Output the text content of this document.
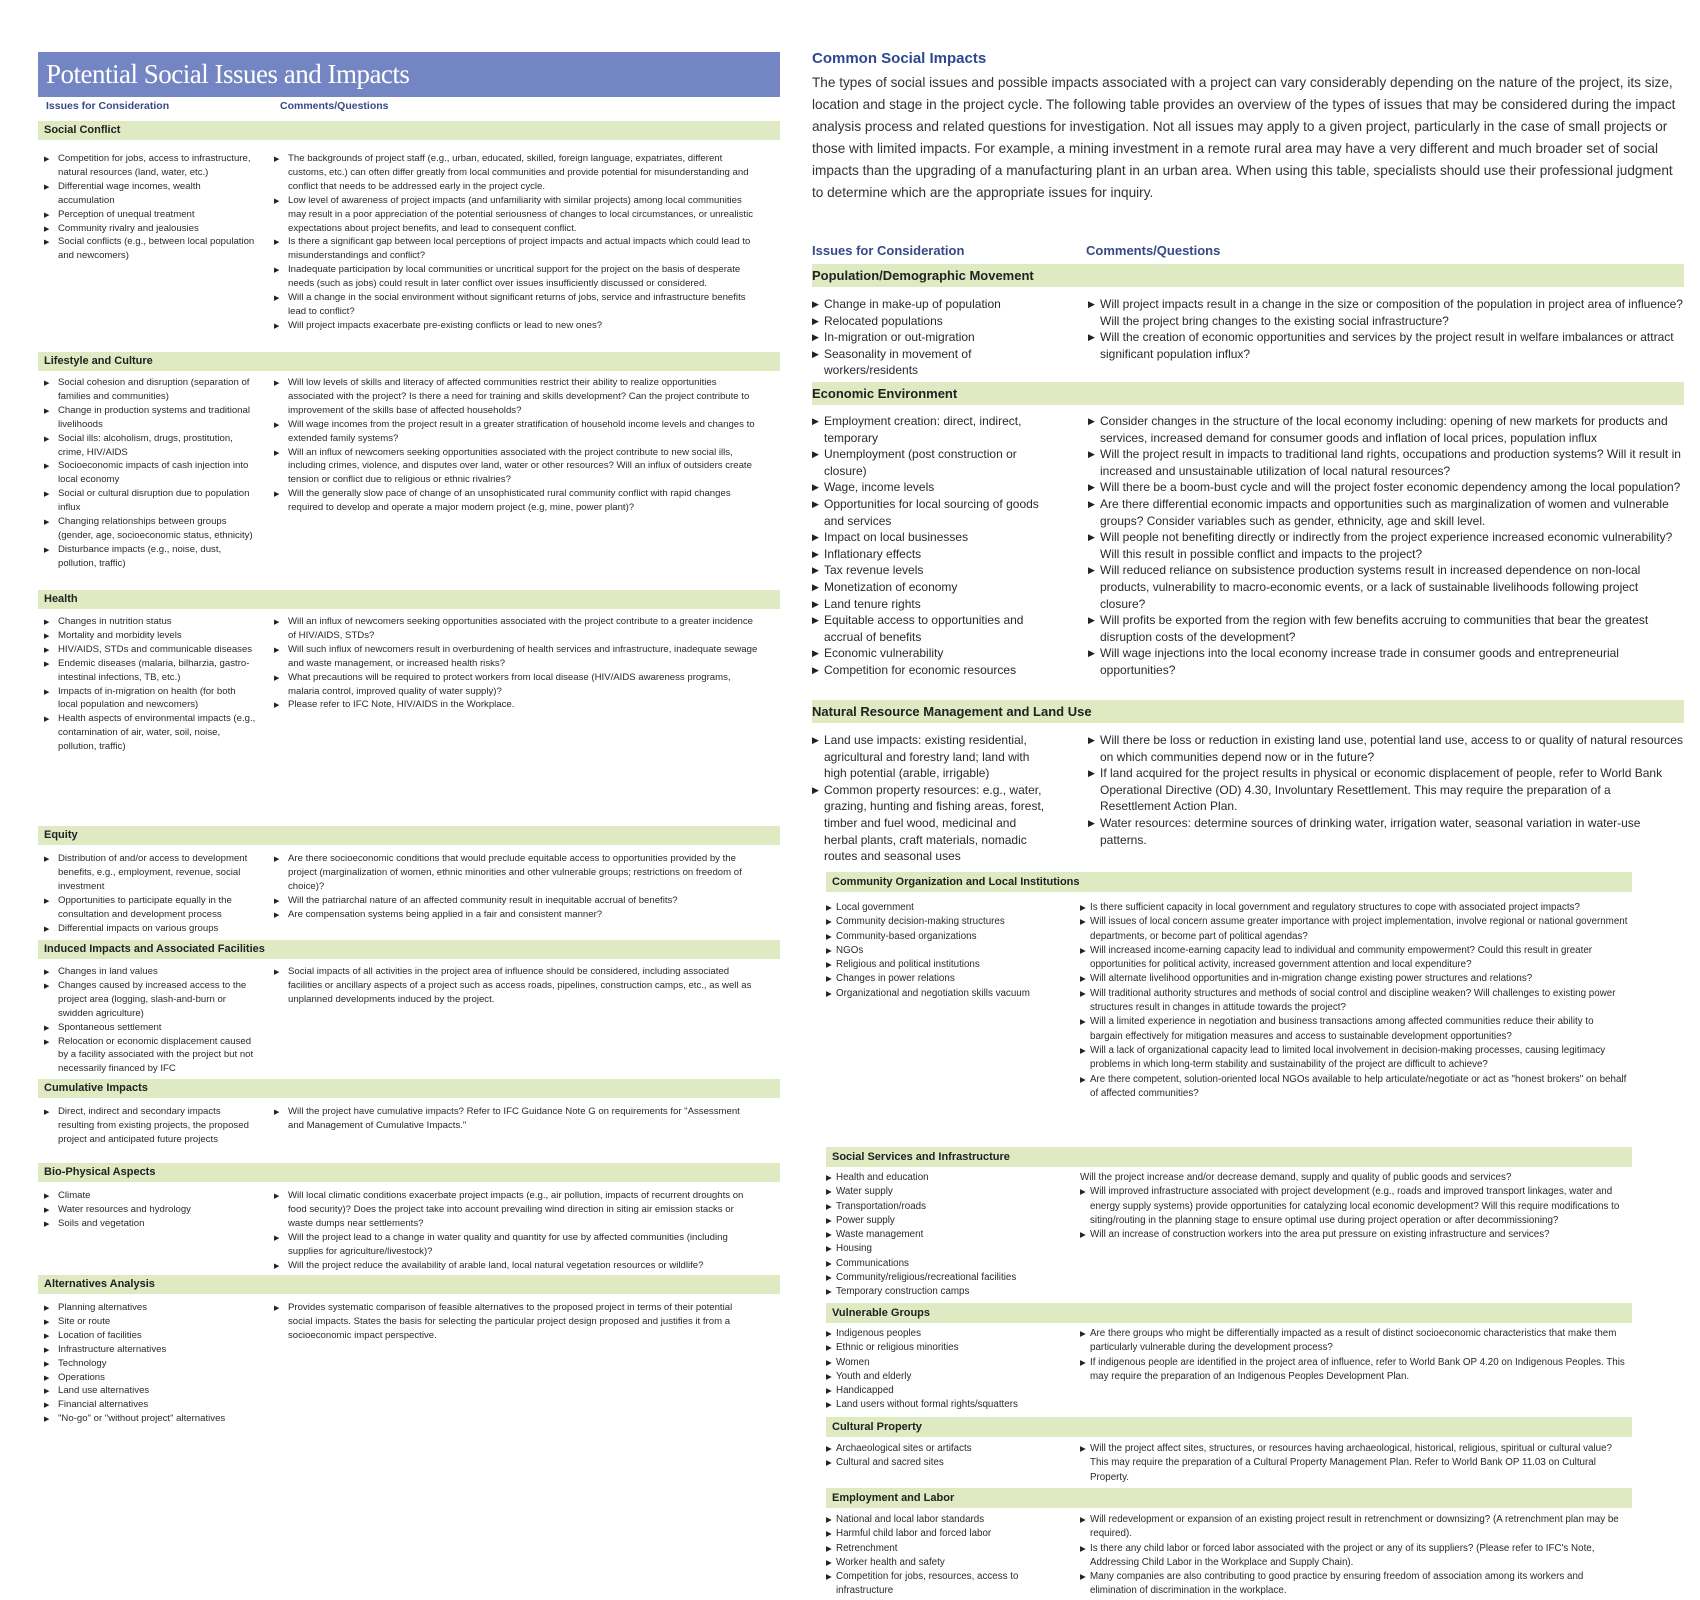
Potential Social Issues and Impacts
Issues for Consideration	Comments/Questions
Social Conflict
▶ Competition for jobs, access to infrastructure, natural resources (land, water, etc.)
▶ Differential wage incomes, wealth accumulation
▶ Perception of unequal treatment
▶ Community rivalry and jealousies
▶ Social conflicts (e.g., between local population and newcomers)
▶ The backgrounds of project staff (e.g., urban, educated, skilled, foreign language, expatriates, different customs, etc.) can often differ greatly from local communities and provide potential for misunderstanding and conflict that needs to be addressed early in the project cycle.
▶ Low level of awareness of project impacts (and unfamiliarity with similar projects) among local communities may result in a poor appreciation of the potential seriousness of changes to local circumstances, or unrealistic expectations about project benefits, and lead to consequent conflict.
▶ Is there a significant gap between local perceptions of project impacts and actual impacts which could lead to misunderstandings and conflict?
▶ Inadequate participation by local communities or uncritical support for the project on the basis of desperate needs (such as jobs) could result in later conflict over issues insufficiently discussed or considered.
▶ Will a change in the social environment without significant returns of jobs, service and infrastructure benefits lead to conflict?
▶ Will project impacts exacerbate pre-existing conflicts or lead to new ones?
Lifestyle and Culture
▶ Social cohesion and disruption (separation of families and communities)
▶ Change in production systems and traditional livelihoods
▶ Social ills: alcoholism, drugs, prostitution, crime, HIV/AIDS
▶ Socioeconomic impacts of cash injection into local economy
▶ Social or cultural disruption due to population influx
▶ Changing relationships between groups (gender, age, socioeconomic status, ethnicity)
▶ Disturbance impacts (e.g., noise, dust, pollution, traffic)
▶ Will low levels of skills and literacy of affected communities restrict their ability to realize opportunities associated with the project? Is there a need for training and skills development? Can the project contribute to improvement of the skills base of affected households?
▶ Will wage incomes from the project result in a greater stratification of household income levels and changes to extended family systems?
▶ Will an influx of newcomers seeking opportunities associated with the project contribute to new social ills, including crimes, violence, and disputes over land, water or other resources? Will an influx of outsiders create tension or conflict due to religious or ethnic rivalries?
▶ Will the generally slow pace of change of an unsophisticated rural community conflict with rapid changes required to develop and operate a major modern project (e.g, mine, power plant)?
Health
▶ Changes in nutrition status
▶ Mortality and morbidity levels
▶ HIV/AIDS, STDs and communicable diseases
▶ Endemic diseases (malaria, bilharzia, gastro-intestinal infections, TB, etc.)
▶ Impacts of in-migration on health (for both local population and newcomers)
▶ Health aspects of environmental impacts (e.g., contamination of air, water, soil, noise, pollution, traffic)
▶ Will an influx of newcomers seeking opportunities associated with the project contribute to a greater incidence of HIV/AIDS, STDs?
▶ Will such influx of newcomers result in overburdening of health services and infrastructure, inadequate sewage and waste management, or increased health risks?
▶ What precautions will be required to protect workers from local disease (HIV/AIDS awareness programs, malaria control, improved quality of water supply)?
▶ Please refer to IFC Note, HIV/AIDS in the Workplace.
Equity
▶ Distribution of and/or access to development benefits, e.g., employment, revenue, social investment
▶ Opportunities to participate equally in the consultation and development process
▶ Differential impacts on various groups
▶ Are there socioeconomic conditions that would preclude equitable access to opportunities provided by the project (marginalization of women, ethnic minorities and other vulnerable groups; restrictions on freedom of choice)?
▶ Will the patriarchal nature of an affected community result in inequitable accrual of benefits?
▶ Are compensation systems being applied in a fair and consistent manner?
Induced Impacts and Associated Facilities
▶ Changes in land values
▶ Changes caused by increased access to the project area (logging, slash-and-burn or swidden agriculture)
▶ Spontaneous settlement
▶ Relocation or economic displacement caused by a facility associated with the project but not necessarily financed by IFC
▶ Social impacts of all activities in the project area of influence should be considered, including associated facilities or ancillary aspects of a project such as access roads, pipelines, construction camps, etc., as well as unplanned developments induced by the project.
Cumulative Impacts
▶ Direct, indirect and secondary impacts resulting from existing projects, the proposed project and anticipated future projects
▶ Will the project have cumulative impacts? Refer to IFC Guidance Note G on requirements for "Assessment and Management of Cumulative Impacts."
Bio-Physical Aspects
▶ Climate
▶ Water resources and hydrology
▶ Soils and vegetation
▶ Will local climatic conditions exacerbate project impacts (e.g., air pollution, impacts of recurrent droughts on food security)? Does the project take into account prevailing wind direction in siting air emission stacks or waste dumps near settlements?
▶ Will the project lead to a change in water quality and quantity for use by affected communities (including supplies for agriculture/livestock)?
▶ Will the project reduce the availability of arable land, local natural vegetation resources or wildlife?
Alternatives Analysis
▶ Planning alternatives
▶ Site or route
▶ Location of facilities
▶ Infrastructure alternatives
▶ Technology
▶ Operations
▶ Land use alternatives
▶ Financial alternatives
▶ "No-go" or "without project" alternatives
▶ Provides systematic comparison of feasible alternatives to the proposed project in terms of their potential social impacts. States the basis for selecting the particular project design proposed and justifies it from a socioeconomic impact perspective.
Common Social Impacts

The types of social issues and possible impacts associated with a project can vary considerably depending on the nature of the project, its size, location and stage in the project cycle. The following table provides an overview of the types of issues that may be considered during the impact analysis process and related questions for investigation. Not all issues may apply to a given project, particularly in the case of small projects or those with limited impacts. For example, a mining investment in a remote rural area may have a very different and much broader set of social impacts than the upgrading of a manufacturing plant in an urban area. When using this table, specialists should use their professional judgment to determine which are the appropriate issues for inquiry.

Issues for Consideration	Comments/Questions
Population/Demographic Movement
▶ Change in make-up of population
▶ Relocated populations
▶ In-migration or out-migration
▶ Seasonality in movement of workers/residents
▶ Will project impacts result in a change in the size or composition of the population in project area of influence? Will the project bring changes to the existing social infrastructure?
▶ Will the creation of economic opportunities and services by the project result in welfare imbalances or attract significant population influx?
Economic Environment
▶ Employment creation: direct, indirect, temporary
▶ Unemployment (post construction or closure)
▶ Wage, income levels
▶ Opportunities for local sourcing of goods and services
▶ Impact on local businesses
▶ Inflationary effects
▶ Tax revenue levels
▶ Monetization of economy
▶ Land tenure rights
▶ Equitable access to opportunities and accrual of benefits
▶ Economic vulnerability
▶ Competition for economic resources
▶ Consider changes in the structure of the local economy including: opening of new markets for products and services, increased demand for consumer goods and inflation of local prices, population influx
▶ Will the project result in impacts to traditional land rights, occupations and production systems? Will it result in increased and unsustainable utilization of local natural resources?
▶ Will there be a boom-bust cycle and will the project foster economic dependency among the local population?
▶ Are there differential economic impacts and opportunities such as marginalization of women and vulnerable groups? Consider variables such as gender, ethnicity, age and skill level.
▶ Will people not benefiting directly or indirectly from the project experience increased economic vulnerability? Will this result in possible conflict and impacts to the project?
▶ Will reduced reliance on subsistence production systems result in increased dependence on non-local products, vulnerability to macro-economic events, or a lack of sustainable livelihoods following project closure?
▶ Will profits be exported from the region with few benefits accruing to communities that bear the greatest disruption costs of the development?
▶ Will wage injections into the local economy increase trade in consumer goods and entrepreneurial opportunities?
Natural Resource Management and Land Use
▶ Land use impacts: existing residential, agricultural and forestry land; land with high potential (arable, irrigable)
▶ Common property resources: e.g., water, grazing, hunting and fishing areas, forest, timber and fuel wood, medicinal and herbal plants, craft materials, nomadic routes and seasonal uses
▶ Will there be loss or reduction in existing land use, potential land use, access to or quality of natural resources on which communities depend now or in the future?
▶ If land acquired for the project results in physical or economic displacement of people, refer to World Bank Operational Directive (OD) 4.30, Involuntary Resettlement. This may require the preparation of a Resettlement Action Plan.
▶ Water resources: determine sources of drinking water, irrigation water, seasonal variation in water-use patterns.
Community Organization and Local Institutions
▶ Local government
▶ Community decision-making structures
▶ Community-based organizations
▶ NGOs
▶ Religious and political institutions
▶ Changes in power relations
▶ Organizational and negotiation skills vacuum
▶ Is there sufficient capacity in local government and regulatory structures to cope with associated project impacts?
▶ Will issues of local concern assume greater importance with project implementation, involve regional or national government departments, or become part of political agendas?
▶ Will increased income-earning capacity lead to individual and community empowerment? Could this result in greater opportunities for political activity, increased government attention and local expenditure?
▶ Will alternate livelihood opportunities and in-migration change existing power structures and relations?
▶ Will traditional authority structures and methods of social control and discipline weaken? Will challenges to existing power structures result in changes in attitude towards the project?
▶ Will a limited experience in negotiation and business transactions among affected communities reduce their ability to bargain effectively for mitigation measures and access to sustainable development opportunities?
▶ Will a lack of organizational capacity lead to limited local involvement in decision-making processes, causing legitimacy problems in which long-term stability and sustainability of the project are difficult to achieve?
▶ Are there competent, solution-oriented local NGOs available to help articulate/negotiate or act as "honest brokers" on behalf of affected communities?
Social Services and Infrastructure
▶ Health and education
▶ Water supply
▶ Transportation/roads
▶ Power supply
▶ Waste management
▶ Housing
▶ Communications
▶ Community/religious/recreational facilities
▶ Temporary construction camps
Will the project increase and/or decrease demand, supply and quality of public goods and services?
▶ Will improved infrastructure associated with project development (e.g., roads and improved transport linkages, water and energy supply systems) provide opportunities for catalyzing local economic development? Will this require modifications to siting/routing in the planning stage to ensure optimal use during project operation or after decommissioning?
▶ Will an increase of construction workers into the area put pressure on existing infrastructure and services?
Vulnerable Groups
▶ Indigenous peoples
▶ Ethnic or religious minorities
▶ Women
▶ Youth and elderly
▶ Handicapped
▶ Land users without formal rights/squatters
▶ Are there groups who might be differentially impacted as a result of distinct socioeconomic characteristics that make them particularly vulnerable during the development process?
▶ If indigenous people are identified in the project area of influence, refer to World Bank OP 4.20 on Indigenous Peoples. This may require the preparation of an Indigenous Peoples Development Plan.
Cultural Property
▶ Archaeological sites or artifacts
▶ Cultural and sacred sites
▶ Will the project affect sites, structures, or resources having archaeological, historical, religious, spiritual or cultural value? This may require the preparation of a Cultural Property Management Plan. Refer to World Bank OP 11.03 on Cultural Property.
Employment and Labor
▶ National and local labor standards
▶ Harmful child labor and forced labor
▶ Retrenchment
▶ Worker health and safety
▶ Competition for jobs, resources, access to infrastructure
▶ Will redevelopment or expansion of an existing project result in retrenchment or downsizing? (A retrenchment plan may be required).
▶ Is there any child labor or forced labor associated with the project or any of its suppliers? (Please refer to IFC's Note, Addressing Child Labor in the Workplace and Supply Chain).
▶ Many companies are also contributing to good practice by ensuring freedom of association among its workers and elimination of discrimination in the workplace.
